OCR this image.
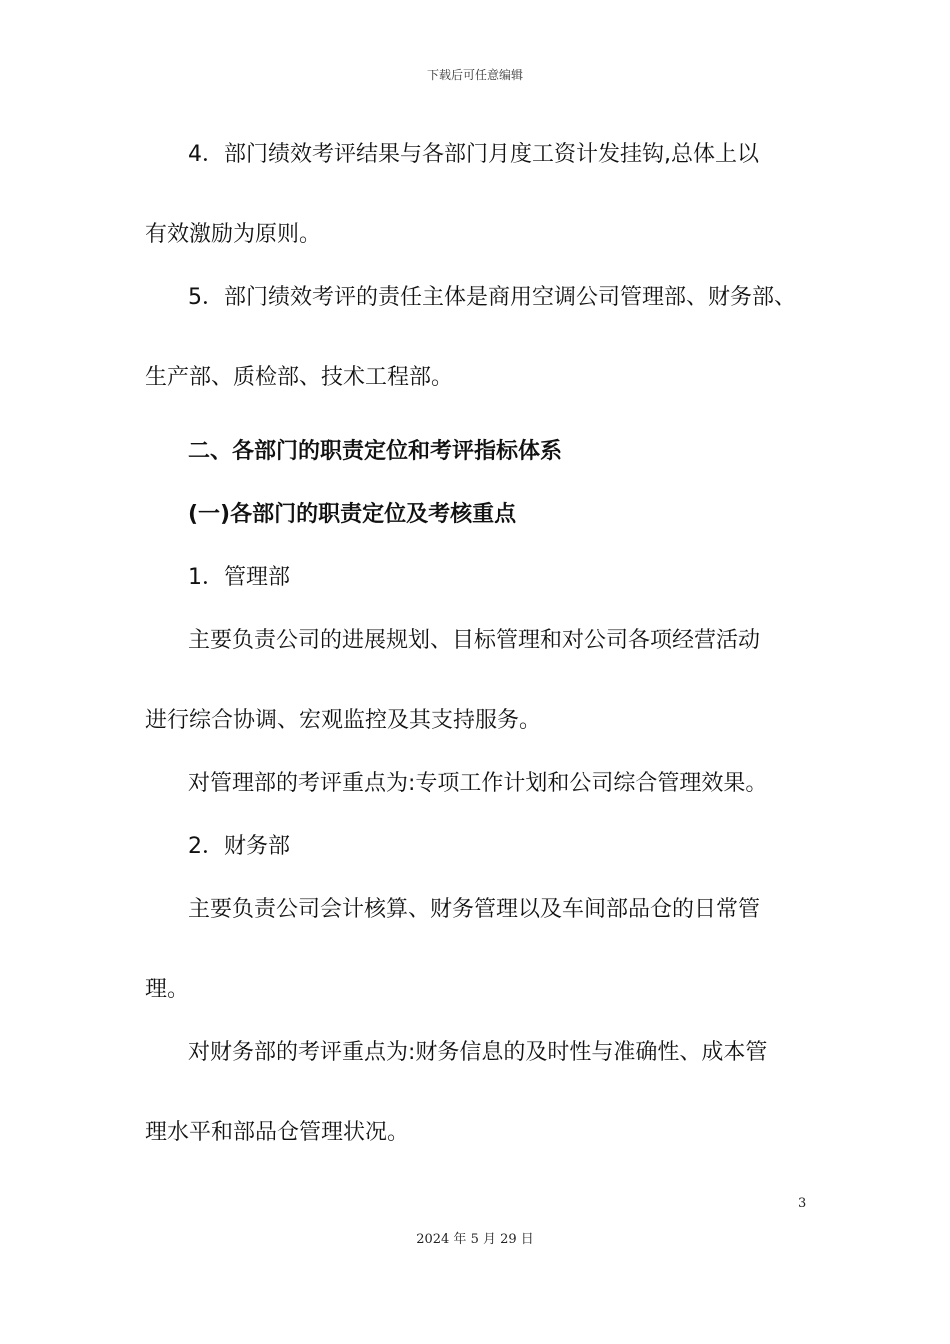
下载后可任意编辑
4．部门绩效考评结果与各部门月度工资计发挂钩,总体上以
有效激励为原则。
5．部门绩效考评的责任主体是商用空调公司管理部、财务部、
生产部、质检部、技术工程部。
二、各部门的职责定位和考评指标体系
(一)各部门的职责定位及考核重点
1．管理部
主要负责公司的进展规划、目标管理和对公司各项经营活动
进行综合协调、宏观监控及其支持服务。
对管理部的考评重点为:专项工作计划和公司综合管理效果。
2．财务部
主要负责公司会计核算、财务管理以及车间部品仓的日常管
理。
对财务部的考评重点为:财务信息的及时性与准确性、成本管
理水平和部品仓管理状况。
3
2024 年 5 月 29 日
